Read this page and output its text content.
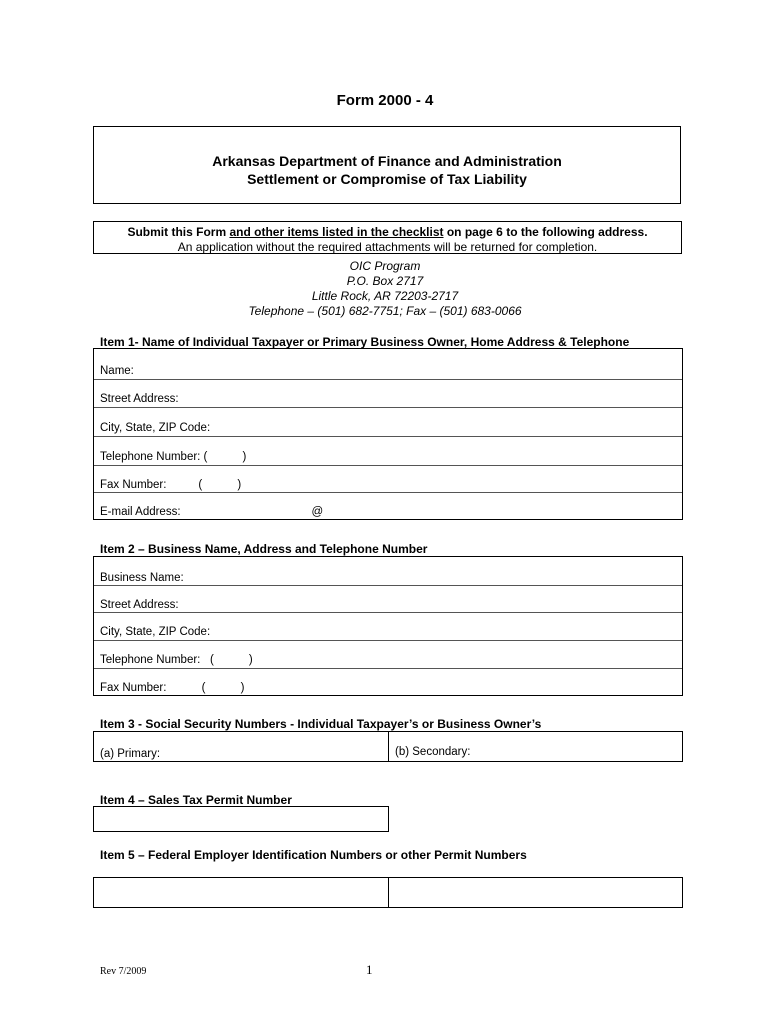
Form 2000 - 4
Arkansas Department of Finance and Administration
Settlement or Compromise of Tax Liability
Submit this Form and other items listed in the checklist on page 6 to the following address.
An application without the required attachments will be returned for completion.
OIC Program
P.O. Box 2717
Little Rock, AR 72203-2717
Telephone – (501) 682-7751; Fax – (501) 683-0066
Item 1- Name of Individual Taxpayer or Primary Business Owner, Home Address & Telephone
Name:
Street Address:
City, State, ZIP Code:
Telephone Number: (           )
Fax Number:          (           )
E-mail Address:                                         @
Item 2 – Business Name, Address and Telephone Number
Business Name:
Street Address:
City, State, ZIP Code:
Telephone Number:   (           )
Fax Number:           (           )
Item 3 - Social Security Numbers - Individual Taxpayer’s or Business Owner’s
(a) Primary:	(b) Secondary:
Item 4 – Sales Tax Permit Number
Item 5 – Federal Employer Identification Numbers or other Permit Numbers
Rev 7/2009	1
